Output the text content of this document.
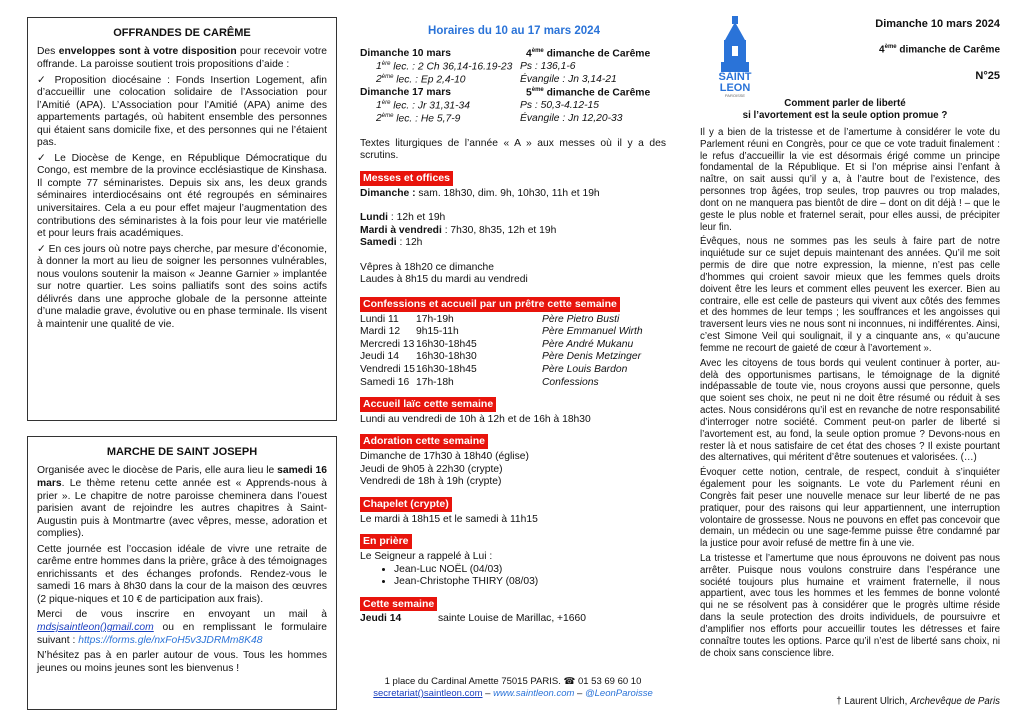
OFFRANDES DE CARÊME

Des enveloppes sont à votre disposition pour recevoir votre offrande. La paroisse soutient trois propositions d’aide :

✓ Proposition diocésaine : Fonds Insertion Logement, afin d’accueillir une colocation solidaire de l’Association pour l’Amitié (APA). L’Association pour l’Amitié (APA) anime des appartements partagés, où habitent ensemble des personnes qui étaient sans domicile fixe, et des personnes qui ne l’étaient pas.

✓ Le Diocèse de Kenge, en République Démocratique du Congo, est membre de la province ecclésiastique de Kinshasa. Il compte 77 séminaristes. Depuis six ans, les deux grands séminaires interdiocésains ont été regroupés en séminaires universitaires. Cela a eu pour effet majeur l’augmentation des contributions des séminaristes à la fois pour leur vie matérielle et pour leurs frais académiques.

✓ En ces jours où notre pays cherche, par mesure d’économie, à donner la mort au lieu de soigner les personnes vulnérables, nous voulons soutenir la maison « Jeanne Garnier » implantée sur notre quartier. Les soins palliatifs sont des soins actifs délivrés dans une approche globale de la personne atteinte d’une maladie grave, évolutive ou en phase terminale. Ils visent à maintenir une qualité de vie.

MARCHE DE SAINT JOSEPH

Organisée avec le diocèse de Paris, elle aura lieu le samedi 16 mars. Le thème retenu cette année est « Apprends-nous à prier ». Le chapitre de notre paroisse cheminera dans l’ouest parisien avant de rejoindre les autres chapitres à Saint-Augustin puis à Montmartre (avec vêpres, messe, adoration et complies).

Cette journée est l’occasion idéale de vivre une retraite de carême entre hommes dans la prière, grâce à des témoignages enrichissants et des échanges profonds. Rendez-vous le samedi 16 mars à 8h30 dans la cour de la maison des œuvres (2 pique-niques et 10 € de participation aux frais).

Merci de vous inscrire en envoyant un mail à mdsjsaintleon()gmail.com ou en remplissant le formulaire suivant : https://forms.gle/nxFoH5v3JDRMm8K48

N’hésitez pas à en parler autour de vous. Tous les hommes jeunes ou moins jeunes sont les bienvenus !

Horaires du 10 au 17 mars 2024
Dimanche 10 mars	4ème dimanche de Carême
1ère lec. : 2 Ch 36,14-16.19-23 Ps : 136,1-6
2ème lec. : Ep 2,4-10	Évangile : Jn 3,14-21
Dimanche 17 mars	5ème dimanche de Carême
1ère lec. : Jr 31,31-34	Ps : 50,3-4.12-15
2ème lec. : He 5,7-9	Évangile : Jn 12,20-33

Textes liturgiques de l’année « A » aux messes où il y a des scrutins.

Messes et offices
Dimanche : sam. 18h30, dim. 9h, 10h30, 11h et 19h
Lundi : 12h et 19h
Mardi à vendredi : 7h30, 8h35, 12h et 19h
Samedi : 12h
Vêpres à 18h20 ce dimanche
Laudes à 8h15 du mardi au vendredi
Confessions et accueil par un prêtre cette semaine
Lundi 11	17h-19h	Père Pietro Busti
Mardi 12	9h15-11h	Père Emmanuel Wirth
Mercredi 13 16h30-18h45	Père André Mukanu
Jeudi 14	16h30-18h30	Père Denis Metzinger
Vendredi 15 16h30-18h45	Père Louis Bardon
Samedi 16 17h-18h	Confessions
Accueil laïc cette semaine
Lundi au vendredi de 10h à 12h et de 16h à 18h30
Adoration cette semaine
Dimanche de 17h30 à 18h40 (église)
Jeudi de 9h05 à 22h30 (crypte)
Vendredi de 18h à 19h (crypte)
Chapelet (crypte)
Le mardi à 18h15 et le samedi à 11h15
En prière
Le Seigneur a rappelé à Lui :
• Jean-Luc NOËL (04/03)
• Jean-Christophe THIRY (08/03)
Cette semaine
Jeudi 14	sainte Louise de Marillac, +1660
1 place du Cardinal Amette 75015 PARIS. ☎ 01 53 69 60 10
secretariat()saintleon.com – www.saintleon.com – @LeonParoisse
SAINT LEON
PAROISSE
Dimanche 10 mars 2024
4ème dimanche de Carême
N°25
Comment parler de liberté
si l’avortement est la seule option promue ?

Il y a bien de la tristesse et de l’amertume à considérer le vote du Parlement réuni en Congrès, pour ce que ce vote traduit finalement : le refus d’accueillir la vie est désormais érigé comme un principe fondamental de la République. Et si l’on méprise ainsi l’enfant à naître, on sait aussi qu’il y a, à l’autre bout de l’existence, des personnes trop âgées, trop seules, trop pauvres ou trop malades, dont on ne manquera pas bientôt de dire – dont on dit déjà ! – que le geste le plus noble et fraternel serait, pour elles aussi, de précipiter leur fin.

Évêques, nous ne sommes pas les seuls à faire part de notre inquiétude sur ce sujet depuis maintenant des années. Qu’il me soit permis de dire que notre expression, la mienne, n’est pas celle d’hommes qui croient savoir mieux que les femmes quels droits doivent être les leurs et comment elles peuvent les exercer. Bien au contraire, elle est celle de pasteurs qui vivent aux côtés des femmes et des hommes de leur temps ; les souffrances et les angoisses qui traversent leurs vies ne nous sont ni inconnues, ni indifférentes. Ainsi, c’est Simone Veil qui soulignait, il y a cinquante ans, « qu’aucune femme ne recourt de gaieté de cœur à l’avortement ».

Avec les citoyens de tous bords qui veulent continuer à porter, au-delà des opportunismes partisans, le témoignage de la dignité indépassable de toute vie, nous croyons aussi que personne, quels que soient ses choix, ne peut ni ne doit être résumé ou réduit à ses actes. Nous considérons qu’il est en revanche de notre responsabilité d’interroger notre société. Comment peut-on parler de liberté si l’avortement est, au fond, la seule option promue ? Devons-nous en rester là et nous satisfaire de cet état des choses ? Il existe pourtant des alternatives, qui méritent d’être soutenues et valorisées. (…)

Évoquer cette notion, centrale, de respect, conduit à s’inquiéter également pour les soignants. Le vote du Parlement réuni en Congrès fait peser une nouvelle menace sur leur liberté de ne pas pratiquer, pour des raisons qui leur appartiennent, une interruption volontaire de grossesse. Nous ne pouvons en effet pas concevoir que demain, un médecin ou une sage-femme puisse être condamné par la justice pour avoir refusé de mettre fin à une vie.

La tristesse et l’amertume que nous éprouvons ne doivent pas nous arrêter. Puisque nous voulons construire dans l’espérance une société toujours plus humaine et vraiment fraternelle, il nous appartient, avec tous les hommes et les femmes de bonne volonté qui ne se résolvent pas à considérer que le progrès ultime réside dans la seule protection des droits individuels, de poursuivre et d’amplifier nos efforts pour accueillir toutes les détresses et faire connaître toutes les options. Parce qu’il n’est de liberté sans choix, ni de choix sans conscience libre.

† Laurent Ulrich, Archevêque de Paris
